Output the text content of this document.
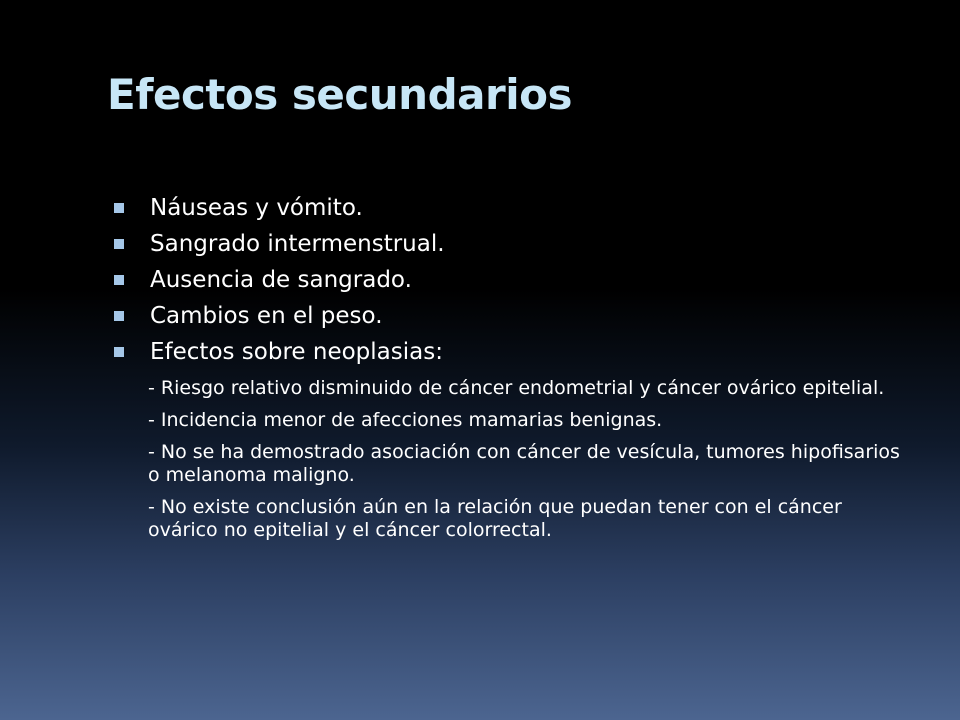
Efectos secundarios
Náuseas y vómito.
Sangrado intermenstrual.
Ausencia de sangrado.
Cambios en el peso.
Efectos sobre neoplasias:
- Riesgo relativo disminuido de cáncer endometrial y cáncer ovárico epitelial.
- Incidencia menor de afecciones mamarias benignas.
- No se ha demostrado asociación con cáncer de vesícula, tumores hipofisarios o melanoma maligno.
- No existe conclusión aún en la relación que puedan tener con el cáncer ovárico no epitelial y el cáncer colorrectal.
